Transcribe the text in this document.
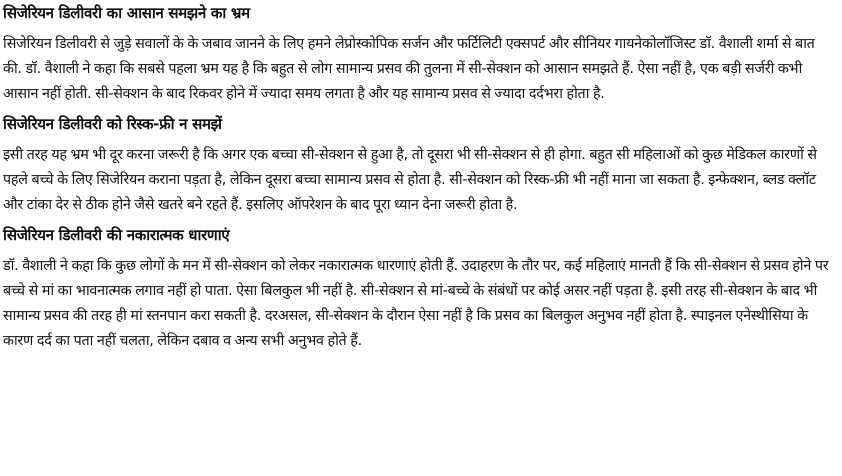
सिजेरियन डिलीवरी का आसान समझने का भ्रम

सिजेरियन डिलीवरी से जुड़े सवालों के के जबाव जानने के लिए हमने लेप्रोस्कोपिक सर्जन और फर्टिलिटी एक्सपर्ट और सीनियर गायनेकोलॉजिस्ट डॉ. वैशाली शर्मा से बात की. डॉ. वैशाली ने कहा कि सबसे पहला भ्रम यह है कि बहुत से लोग सामान्य प्रसव की तुलना में सी-सेक्शन को आसान समझते हैं. ऐसा नहीं है, एक बड़ी सर्जरी कभी आसान नहीं होती. सी-सेक्शन के बाद रिकवर होने में ज्यादा समय लगता है और यह सामान्य प्रसव से ज्यादा दर्दभरा होता है.

सिजेरियन डिलीवरी को रिस्क-फ्री न समझें

इसी तरह यह भ्रम भी दूर करना जरूरी है कि अगर एक बच्चा सी-सेक्शन से हुआ है, तो दूसरा भी सी-सेक्शन से ही होगा. बहुत सी महिलाओं को कुछ मेडिकल कारणों से पहले बच्चे के लिए सिजेरियन कराना पड़ता है, लेकिन दूसरा बच्चा सामान्य प्रसव से होता है. सी-सेक्शन को रिस्क-फ्री भी नहीं माना जा सकता है. इन्फेक्शन, ब्लड क्लॉट और टांका देर से ठीक होने जैसे खतरे बने रहते हैं. इसलिए ऑपरेशन के बाद पूरा ध्यान देना जरूरी होता है.

सिजेरियन डिलीवरी की नकारात्मक धारणाएं

डॉ. वैशाली ने कहा कि कुछ लोगों के मन में सी-सेक्शन को लेकर नकारात्मक धारणाएं होती हैं. उदाहरण के तौर पर, कई महिलाएं मानती हैं कि सी-सेक्शन से प्रसव होने पर बच्चे से मां का भावनात्मक लगाव नहीं हो पाता. ऐसा बिलकुल भी नहीं है. सी-सेक्शन से मां-बच्चे के संबंधों पर कोई असर नहीं पड़ता है. इसी तरह सी-सेक्शन के बाद भी सामान्य प्रसव की तरह ही मां स्तनपान करा सकती है. दरअसल, सी-सेक्शन के दौरान ऐसा नहीं है कि प्रसव का बिलकुल अनुभव नहीं होता है. स्पाइनल एनेस्थीसिया के कारण दर्द का पता नहीं चलता, लेकिन दबाव व अन्य सभी अनुभव होते हैं.
